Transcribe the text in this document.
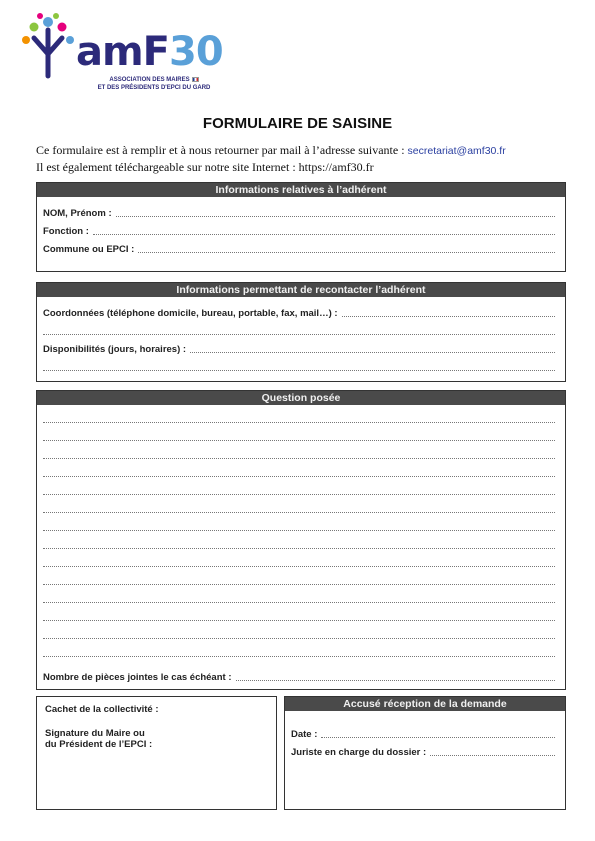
amF30
ASSOCIATION DES MAIRES
ET DES PRÉSIDENTS D'EPCI DU GARD
FORMULAIRE DE SAISINE
Ce formulaire est à remplir et à nous retourner par mail à l’adresse suivante : secretariat@amf30.fr
Il est également téléchargeable sur notre site Internet : https://amf30.fr
Informations relatives à l’adhérent
NOM, Prénom :
Fonction :
Commune ou EPCI :
Informations permettant de recontacter l’adhérent
Coordonnées (téléphone domicile, bureau, portable, fax, mail…) :
Disponibilités (jours, horaires) :
Question posée
Nombre de pièces jointes le cas échéant :
Cachet de la collectivité :
Signature du Maire ou
du Président de l’EPCI :
Accusé réception de la demande
Date :
Juriste en charge du dossier :
